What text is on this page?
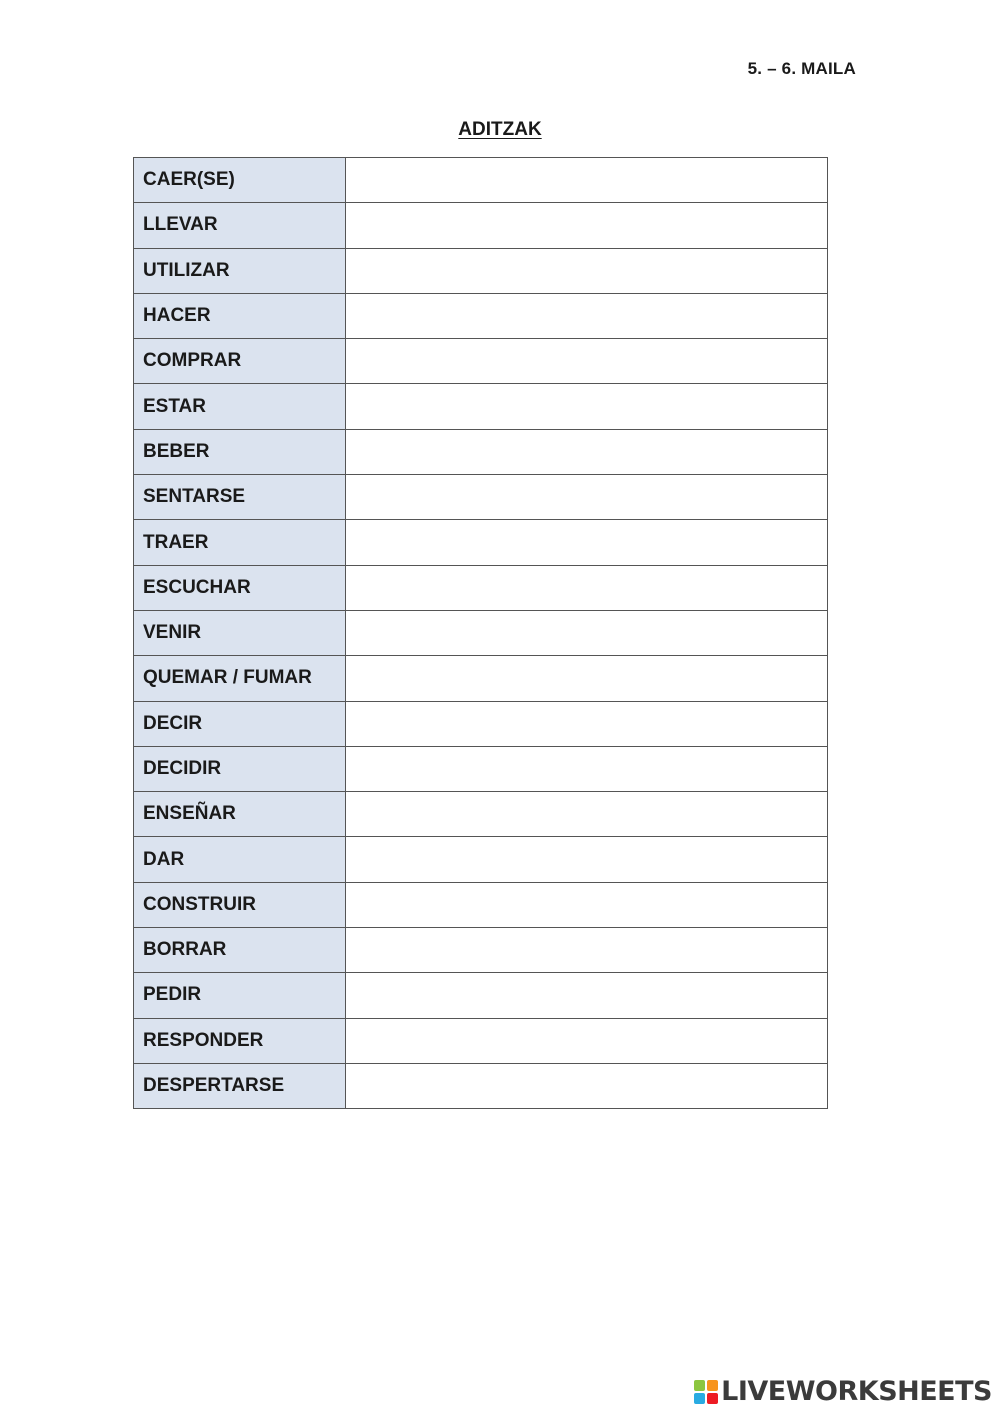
5. – 6. MAILA
ADITZAK
CAER(SE)	
LLEVAR	
UTILIZAR	
HACER	
COMPRAR	
ESTAR	
BEBER	
SENTARSE	
TRAER	
ESCUCHAR	
VENIR	
QUEMAR / FUMAR	
DECIR	
DECIDIR	
ENSEÑAR	
DAR	
CONSTRUIR	
BORRAR	
PEDIR	
RESPONDER	
DESPERTARSE	
LIVEWORKSHEETS
